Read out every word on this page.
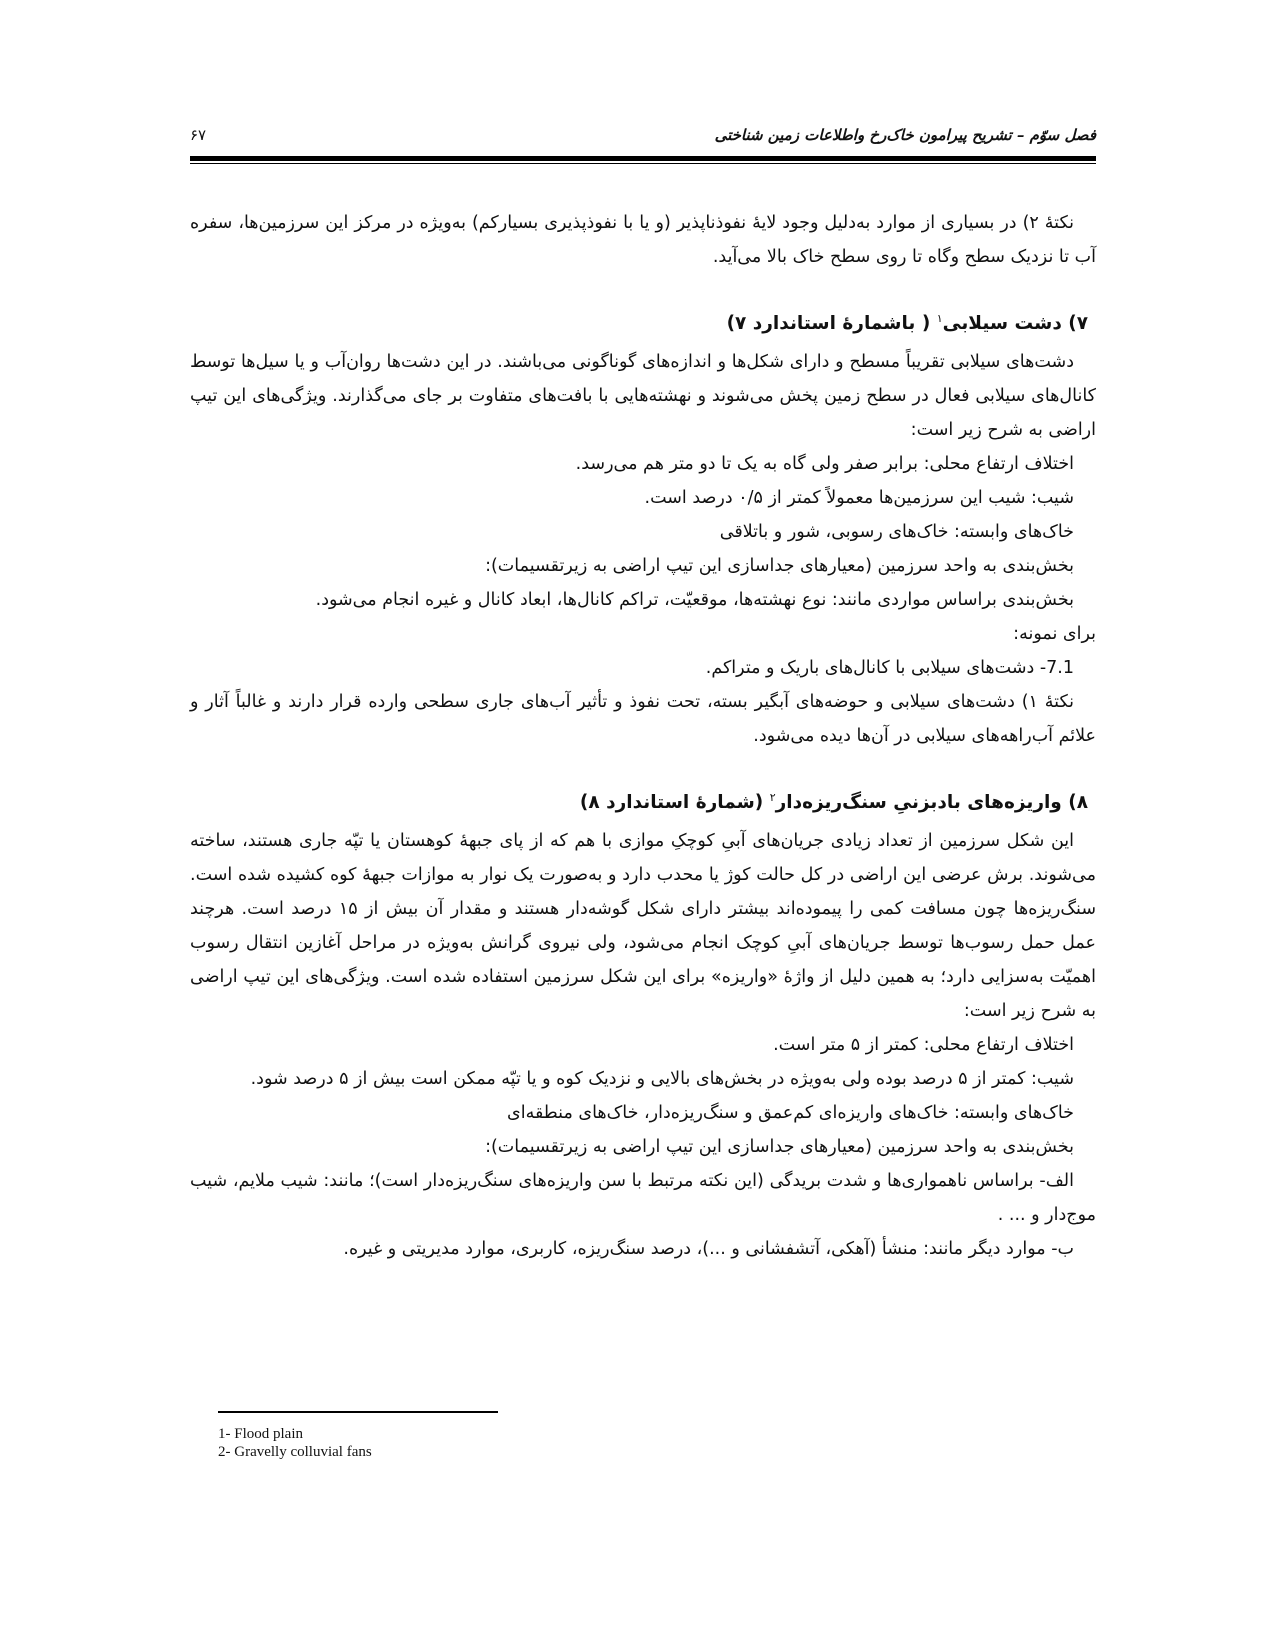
فصل سوّم – تشریح پیرامون خاک‌رخ واطلاعات زمین شناختی
۶۷

نکتۀ ۲) در بسیاری از موارد به‌دلیل وجود لایۀ نفوذناپذیر (و یا با نفوذپذیری بسیارکم) به‌ویژه در مرکز این سرزمین‌ها، سفره آب تا نزدیک سطح وگاه تا روی سطح خاک بالا می‌آید.

۷) دشت سیلابی$^۱$ ( باشمارۀ استاندارد ۷)

دشت‌های سیلابی تقریباً مسطح و دارای شکل‌ها و اندازه‌های گوناگونی می‌باشند. در این دشت‌ها روان‌آب و یا سیل‌ها توسط کانال‌های سیلابی فعال در سطح زمین پخش می‌شوند و نهشته‌هایی با بافت‌های متفاوت بر جای می‌گذارند. ویژگی‌های این تیپ اراضی به شرح زیر است:

اختلاف ارتفاع محلی: برابر صفر ولی گاه به یک تا دو متر هم می‌رسد.

شیب: شیب این سرزمین‌ها معمولاً کمتر از ۰/۵ درصد است.

خاک‌های وابسته: خاک‌های رسوبی، شور و باتلاقی

بخش‌بندی به واحد سرزمین (معیارهای جداسازی این تیپ اراضی به زیرتقسیمات):

بخش‌بندی براساس مواردی مانند: نوع نهشته‌ها، موقعیّت، تراکم کانال‌ها، ابعاد کانال و غیره انجام می‌شود.

برای نمونه:

7.1- دشت‌های سیلابی با کانال‌های باریک و متراکم.

نکتۀ ۱) دشت‌های سیلابی و حوضه‌های آبگیر بسته، تحت نفوذ و تأثیر آب‌های جاری سطحی وارده قرار دارند و غالباً آثار و علائم آب‌راهه‌های سیلابی در آن‌ها دیده می‌شود.

۸) واریزه‌های بادبزنیِ سنگ‌ریزه‌دار$^۲$ (شمارۀ استاندارد ۸)

این شکل سرزمین از تعداد زیادی جریان‌های آبیِ کوچکِ موازی با هم که از پای جبهۀ کوهستان یا تپّه جاری هستند، ساخته می‌شوند. برش عرضی این اراضی در کل حالت کوژ یا محدب دارد و به‌صورت یک نوار به موازات جبهۀ کوه کشیده شده است. سنگ‌ریزه‌ها چون مسافت کمی را پیموده‌اند بیشتر دارای شکل گوشه‌دار هستند و مقدار آن بیش از ۱۵ درصد است. هرچند عمل حمل رسوب‌ها توسط جریان‌های آبیِ کوچک انجام می‌شود، ولی نیروی گرانش به‌ویژه در مراحل آغازین انتقال رسوب اهمیّت به‌سزایی دارد؛ به همین دلیل از واژۀ «واریزه» برای این شکل سرزمین استفاده شده است. ویژگی‌های این تیپ اراضی به شرح زیر است:

اختلاف ارتفاع محلی: کمتر از ۵ متر است.

شیب: کمتر از ۵ درصد بوده ولی به‌ویژه در بخش‌های بالایی و نزدیک کوه و یا تپّه ممکن است بیش از ۵ درصد شود.

خاک‌های وابسته: خاک‌های واریزه‌ای کم‌عمق و سنگ‌ریزه‌دار، خاک‌های منطقه‌ای

بخش‌بندی به واحد سرزمین (معیارهای جداسازی این تیپ اراضی به زیرتقسیمات):

الف- براساس ناهمواری‌ها و شدت بریدگی (این نکته مرتبط با سن واریزه‌های سنگ‌ریزه‌دار است)؛ مانند: شیب ملایم، شیب موج‌دار و ... .

ب- موارد دیگر مانند: منشأ (آهکی، آتشفشانی و ...)، درصد سنگ‌ریزه، کاربری، موارد مدیریتی و غیره.

1- Flood plain
2- Gravelly colluvial fans
